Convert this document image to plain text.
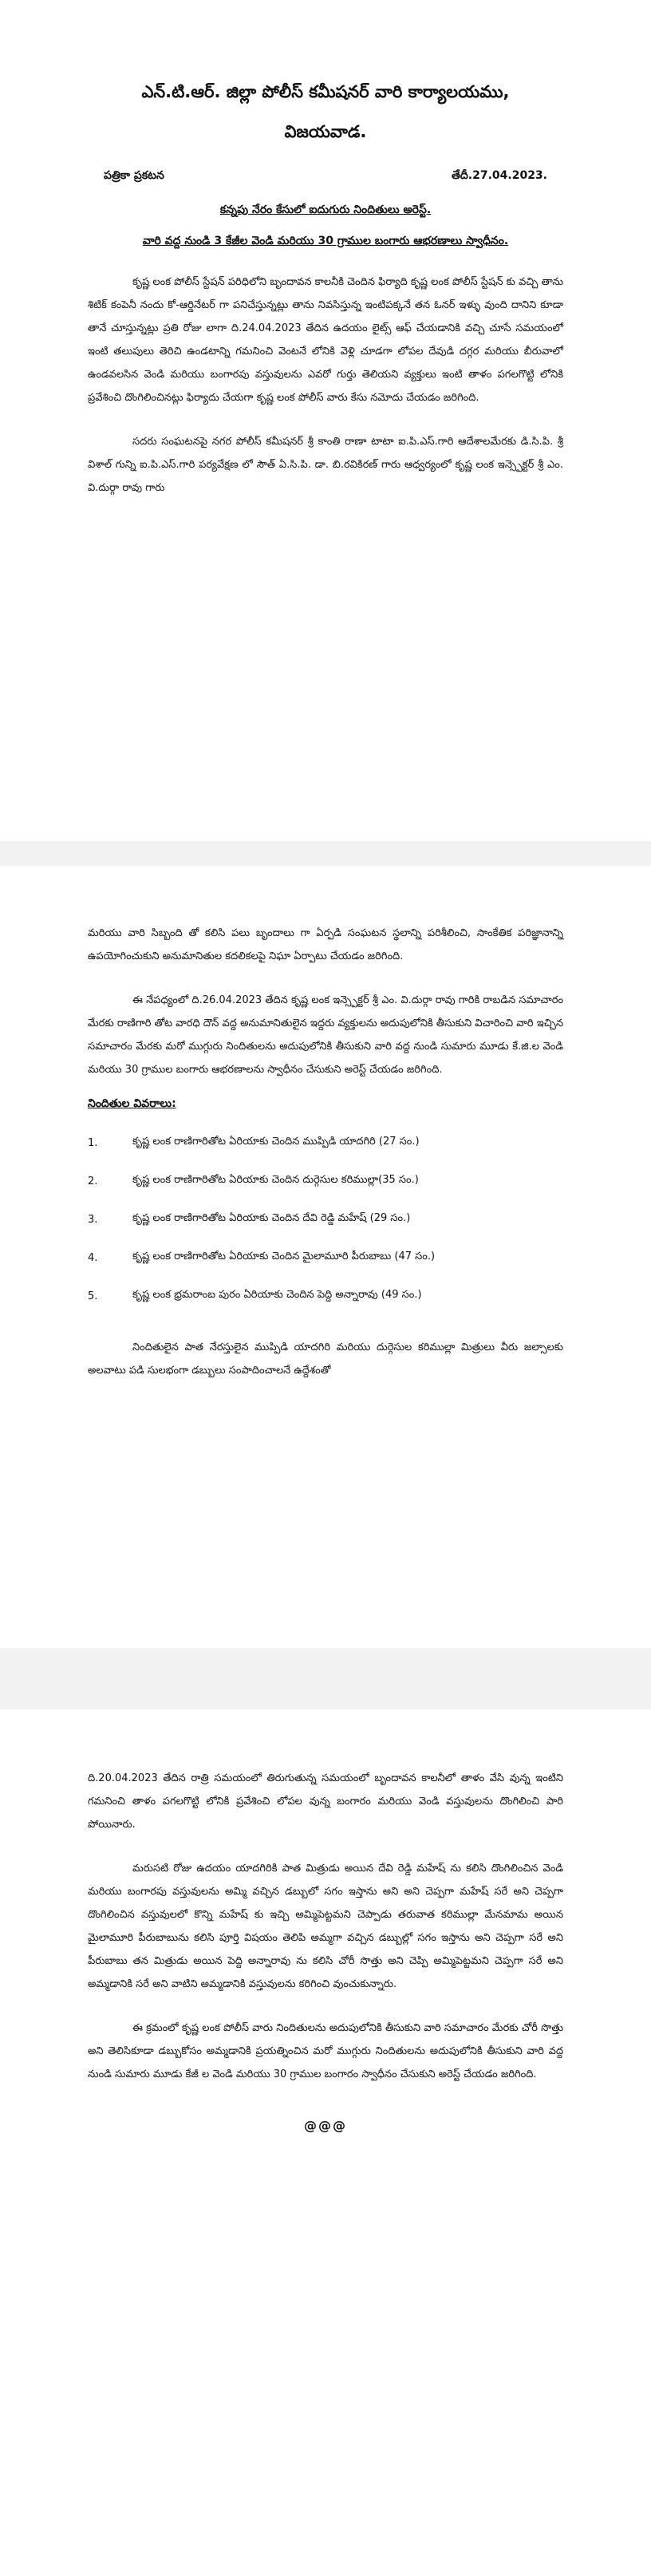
ఎన్.టి.ఆర్. జిల్లా పోలీస్ కమీషనర్ వారి కార్యాలయము,
విజయవాడ.
పత్రికా ప్రకటన	తేదీ.27.04.2023.
కన్నపు నేరం కేసులో ఐదుగురు నిందితులు అరెస్ట్.
వారి వద్ద నుండి 3 కేజీల వెండి మరియు 30 గ్రాముల బంగారు ఆభరణాలు స్వాధీనం.

కృష్ణ లంక పోలీస్ స్టేషన్ పరిధిలోని బృందావన కాలనీకి చెందిన ఫిర్యాది కృష్ణ లంక పోలీస్ స్టేషన్ కు వచ్చి తాను శిటిక్ కంపెనీ నందు కో-ఆర్డినేటర్ గా పనిచేస్తున్నట్లు తాను నివసిస్తున్న ఇంటిపక్కనే తన ఓనర్ ఇళ్ళు వుంది దానిని కూడా తానే చూస్తున్నట్లు ప్రతి రోజు లాగా ది.24.04.2023 తేదిన ఉదయం లైట్స్ ఆఫ్ చేయడానికి వచ్చి చూసే సమయంలో ఇంటి తలుపులు తెరిచి ఉండటాన్ని గమనించి వెంటనే లోనికి వెళ్లి చూడగా లోపల దేవుడి దగ్గర మరియు బీరువాలో ఉండవలసిన వెండి మరియు బంగారపు వస్తువులను ఎవరో గుర్తు తెలియని వ్యక్తులు ఇంటి తాళం పగలగొట్టి లోనికి ప్రవేశించి దొంగిలించినట్లు ఫిర్యాదు చేయగా కృష్ణ లంక పోలీస్ వారు కేసు నమోదు చేయడం జరిగింది.

సదరు సంఘటనపై నగర పోలీస్ కమీషనర్ శ్రీ కాంతి రాణా టాటా ఐ.పి.ఎస్.గారి ఆదేశాలమేరకు డి.సి.పి. శ్రీ విశాల్ గున్ని ఐ.పి.ఎస్.గారి పర్యవేక్షణ లో సౌత్ ఏ.సి.పి. డా. బి.రవికిరణ్ గారు ఆధ్వర్యంలో కృష్ణ లంక ఇన్స్పెక్టర్ శ్రీ ఎం. వి.దుర్గా రావు గారు

మరియు వారి సిబ్బంది తో కలిసి పలు బృందాలు గా ఏర్పడి సంఘటన స్థలాన్ని పరిశీలించి, సాంకేతిక పరిజ్ఞానాన్ని ఉపయోగించుకుని అనుమానితుల కదలికలపై నిఘా ఏర్పాటు చేయడం జరిగింది.

ఈ నేపధ్యంలో ది.26.04.2023 తేదిన కృష్ణ లంక ఇన్స్పెక్టర్ శ్రీ ఎం. వి.దుర్గా రావు గారికి రాబడిన సమాచారం మేరకు రాణిగారి తోట వారధి దౌన్ వద్ద అనుమానితులైన ఇద్దరు వ్యక్తులను అదుపులోనికి తీసుకుని విచారించి వారి ఇచ్చిన సమాచారం మేరకు మరో ముగ్గురు నిందితులను అదుపులోనికి తీసుకుని వారి వద్ద నుండి సుమారు మూడు కే.జి.ల వెండి మరియు 30 గ్రాముల బంగారు ఆభరణాలను స్వాధీనం చేసుకుని అరెస్ట్ చేయడం జరిగింది.

నిందితుల వివరాలు:
1.	కృష్ణ లంక రాణిగారితోట ఏరియాకు చెందిన ముప్పిడి యాదగిరి (27 సం.)
2.	కృష్ణ లంక రాణిగారితోట ఏరియాకు చెందిన దుర్గెసుల కరిముల్లా(35 సం.)
3.	కృష్ణ లంక రాణిగారితోట ఏరియాకు చెందిన దేవి రెడ్డి మహేష్ (29 సం.)
4.	కృష్ణ లంక రాణిగారితోట ఏరియాకు చెందిన మైలామూరి పీరుబాబు (47 సం.)
5.	కృష్ణ లంక భ్రమరాంబ పురం ఏరియాకు చెందిన పెద్ది అన్నారావు (49 సం.)

నిందితులైన పాత నేరస్తులైన ముప్పిడి యాదగిరి మరియు దుర్గెసుల కరిముల్లా మిత్రులు వీరు జల్సాలకు అలవాటు పడి సులభంగా డబ్బులు సంపాదించాలనే ఉద్దేశంతో

ది.20.04.2023 తేదిన రాత్రి సమయంలో తిరుగుతున్న సమయంలో బృందావన కాలనీలో తాళం వేసి వున్న ఇంటిని గమనించి తాళం పగలగొట్టి లోనికి ప్రవేశించి లోపల వున్న బంగారం మరియు వెండి వస్తువులను దొంగిలించి పారి పోయినారు.

మరుసటి రోజు ఉదయం యాదగిరికి పాత మిత్రుడు అయిన దేవి రెడ్డి మహేష్ ను కలిసి దొంగిలించిన వెండి మరియు బంగారపు వస్తువులను అమ్మి వచ్చిన డబ్బులో సగం ఇస్తాను అని అని చెప్పగా మహేష్ సరే అని చెప్పగా దొంగిలించిన వస్తువులలో కొన్ని మహేష్ కు ఇచ్చి అమ్మిపెట్టమని చెప్పాడు తరువాత కరిముల్లా మేనమామ అయిన మైలామూరి పీరుబాబును కలిసి పూర్తి విషయం తెలిపి అమ్మగా వచ్చిన డబ్బుల్లో సగం ఇస్తాను అని చెప్పగా సరే అని పీరుబాబు తన మిత్రుడు అయిన పెద్ది అన్నారావు ను కలిసి చోరీ సొత్తు అని చెప్పి అమ్మిపెట్టమని చెప్పగా సరే అని అమ్మడానికి సరే అని వాటిని అమ్మడానికి వస్తువులను కరిగించి వుంచుకున్నారు.

ఈ క్రమంలో కృష్ణ లంక పోలీస్ వారు నిందితులను అదుపులోనికి తీసుకుని వారి సమాచారం మేరకు చోరీ సొత్తు అని తెలిసికూడా డబ్బుకోసం అమ్మడానికి ప్రయత్నించిన మరో ముగ్గురు నిందితులను అదుపులోనికి తీసుకుని వారి వద్ద నుండి సుమారు మూడు కేజీ ల వెండి మరియు 30 గ్రాముల బంగారం స్వాధీనం చేసుకుని అరెస్ట్ చేయడం జరిగింది.

@@@
